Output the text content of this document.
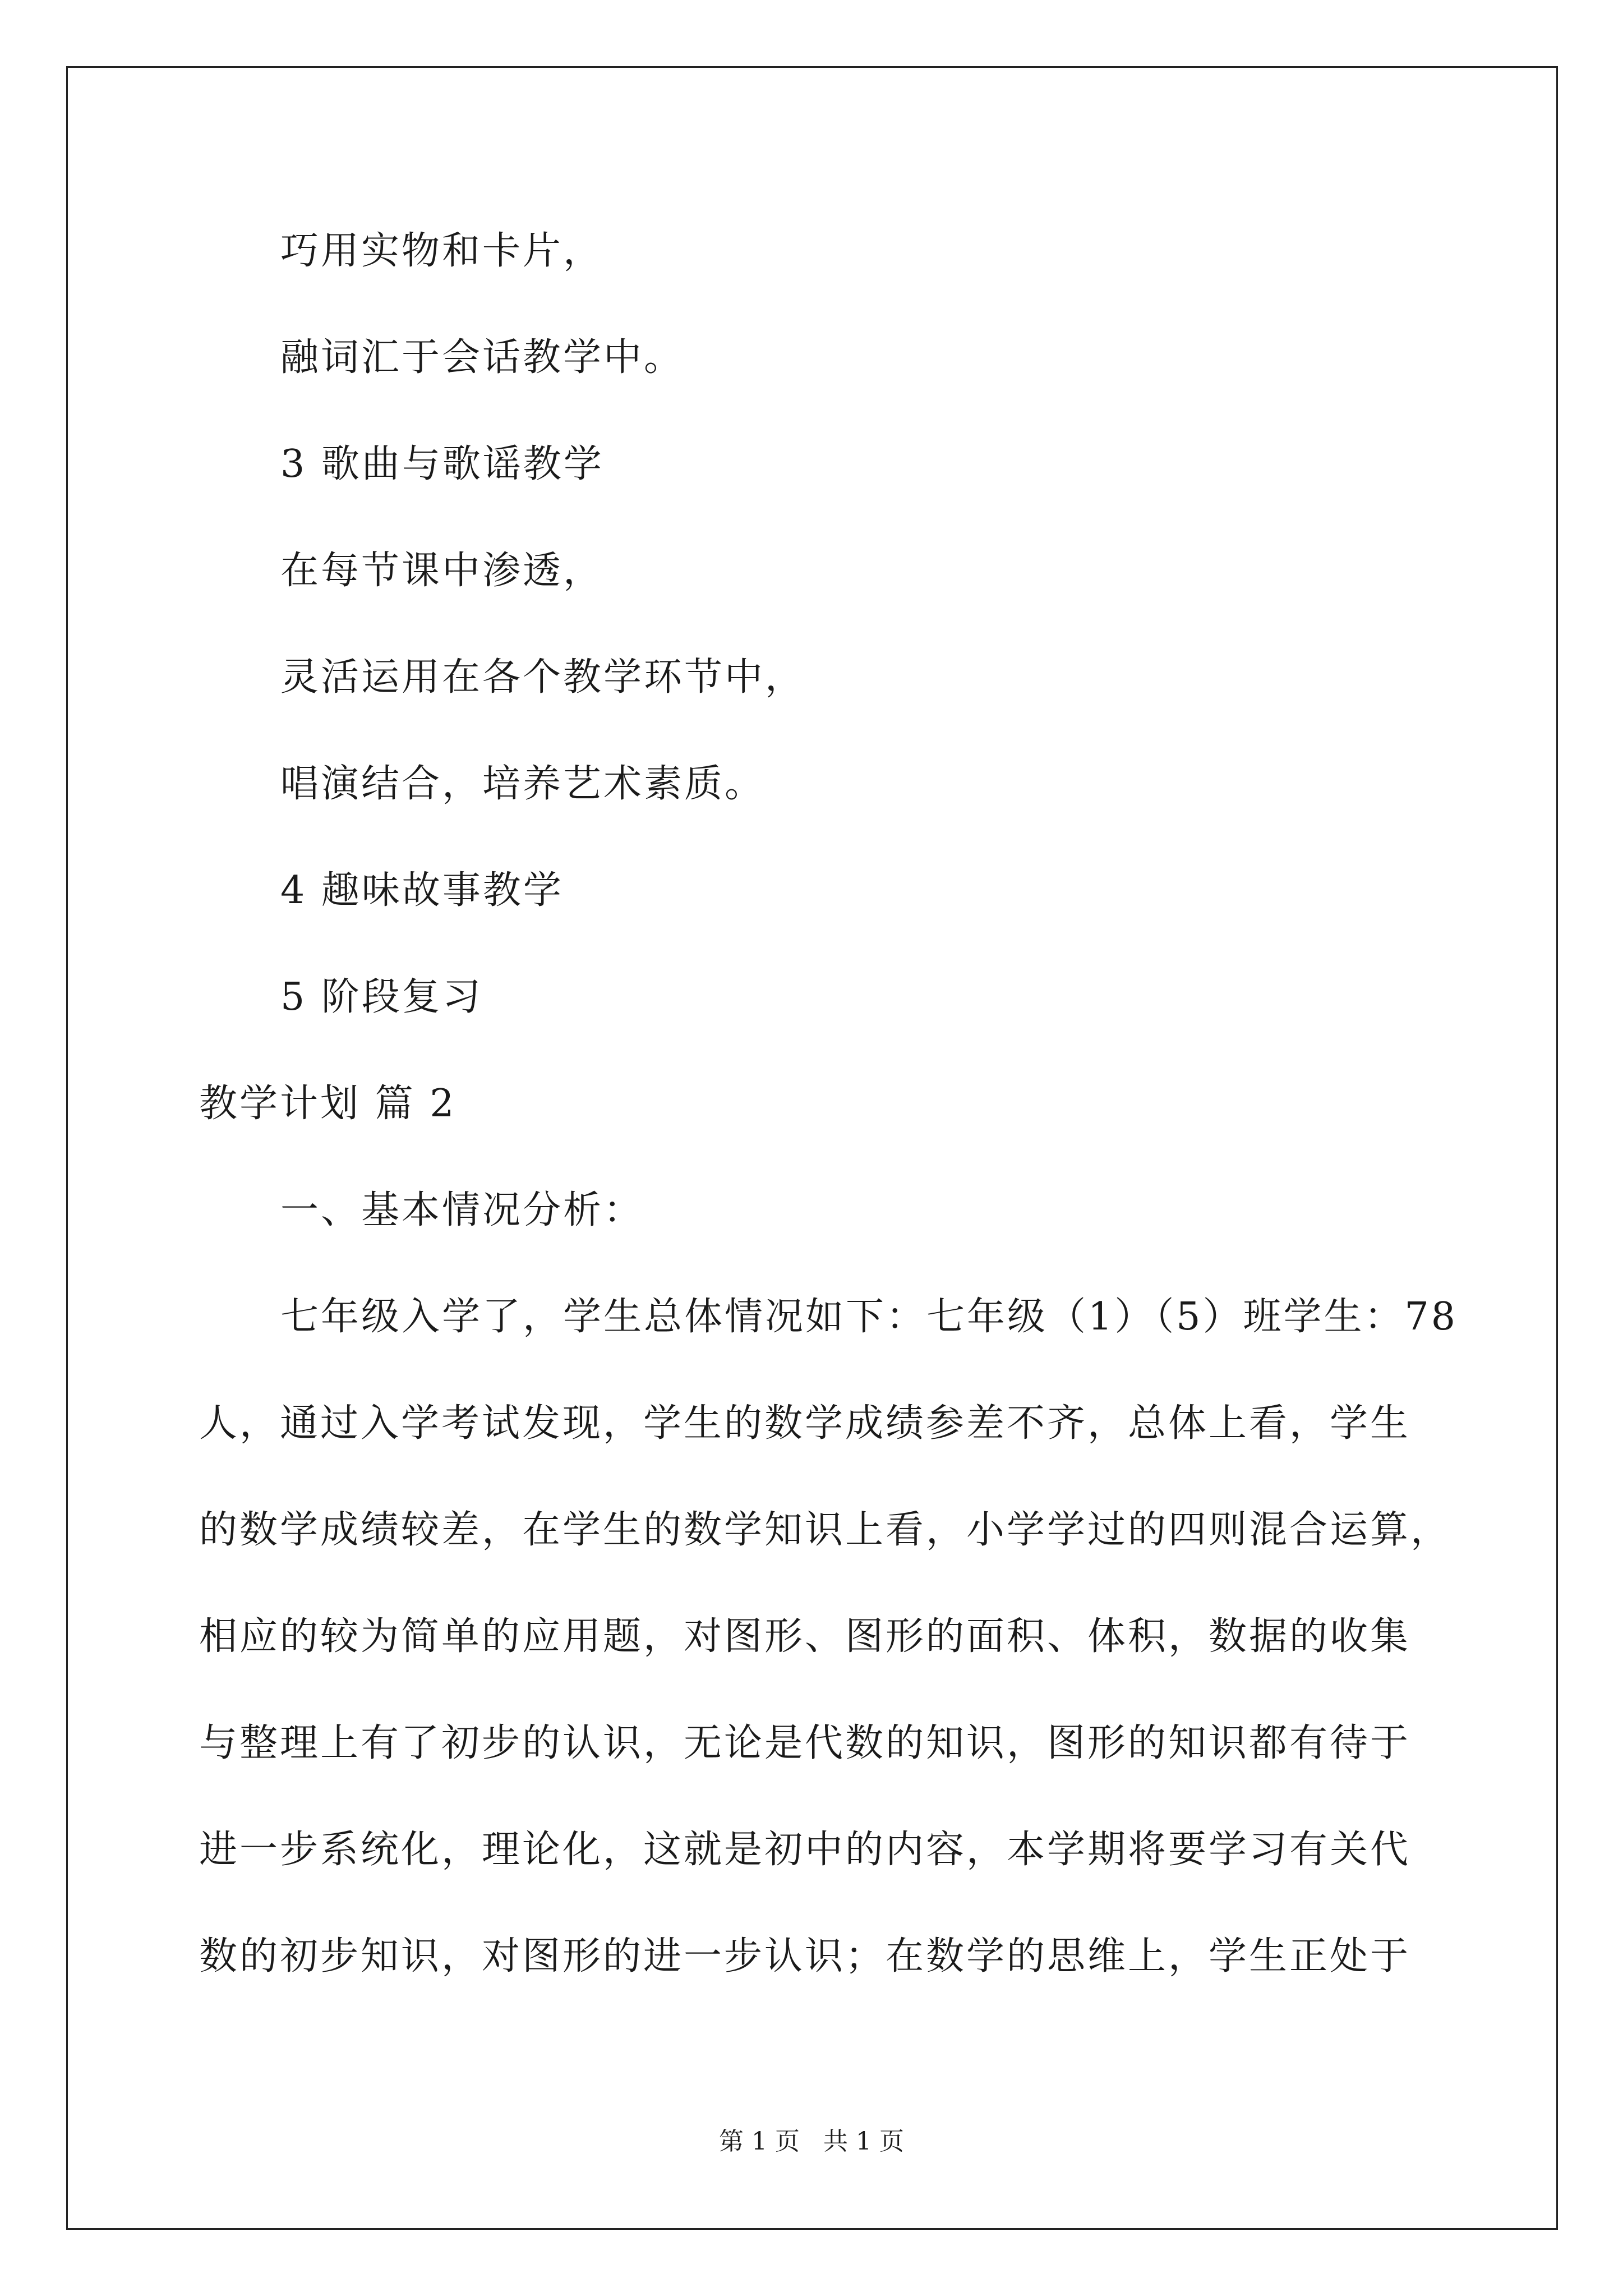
巧用实物和卡片，
融词汇于会话教学中。
3 歌曲与歌谣教学
在每节课中渗透，
灵活运用在各个教学环节中，
唱演结合，培养艺术素质。
4 趣味故事教学
5 阶段复习
教学计划 篇 2
一、基本情况分析：
七年级入学了，学生总体情况如下：七年级（1）（5）班学生：78
人，通过入学考试发现，学生的数学成绩参差不齐，总体上看，学生
的数学成绩较差，在学生的数学知识上看，小学学过的四则混合运算，
相应的较为简单的应用题，对图形、图形的面积、体积，数据的收集
与整理上有了初步的认识，无论是代数的知识，图形的知识都有待于
进一步系统化，理论化，这就是初中的内容，本学期将要学习有关代
数的初步知识，对图形的进一步认识；在数学的思维上，学生正处于
第 1 页   共 1 页
